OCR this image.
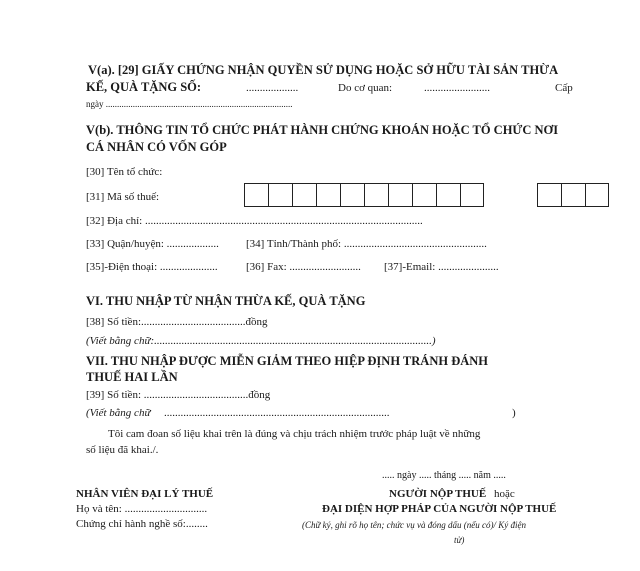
V(a). [29] GIẤY CHỨNG NHẬN QUYỀN SỬ DỤNG HOẶC SỞ HỮU TÀI SẢN THỪA
KẾ, QUÀ TẶNG SỐ:	...................	Do cơ quan:	........................	Cấp
ngày ...................................................................................
V(b). THÔNG TIN TỔ CHỨC PHÁT HÀNH CHỨNG KHOÁN HOẶC TỔ CHỨC NƠI
CÁ NHÂN CÓ VỐN GÓP
[30] Tên tổ chức:
[31] Mã số thuế:
[32] Địa chỉ: .....................................................................................................
[33] Quận/huyện: ................... [34] Tỉnh/Thành phố: ....................................................
[35]-Điện thoại: .....................	[36] Fax: .......................... [37]-Email: ......................
VI. THU NHẬP TỪ NHẬN THỪA KẾ, QUÀ TẶNG
[38] Số tiền:......................................đồng
(Viết bằng chữ:.....................................................................................................)
VII. THU NHẬP ĐƯỢC MIỄN GIẢM THEO HIỆP ĐỊNH TRÁNH ĐÁNH
THUẾ HAI LẦN
[39] Số tiền: ......................................đồng
(Viết bằng chữ ..................................................................................	)
Tôi cam đoan số liệu khai trên là đúng và chịu trách nhiệm trước pháp luật về những
số liệu đã khai./.
..... ngày ..... tháng ..... năm .....
NHÂN VIÊN ĐẠI LÝ THUẾ
Họ và tên: ..............................
Chứng chỉ hành nghề số:........
NGƯỜI NỘP THUẾ hoặc
ĐẠI DIỆN HỢP PHÁP CỦA NGƯỜI NỘP THUẾ
(Chữ ký, ghi rõ họ tên; chức vụ và đóng dấu (nếu có)/ Ký điện
tử)
